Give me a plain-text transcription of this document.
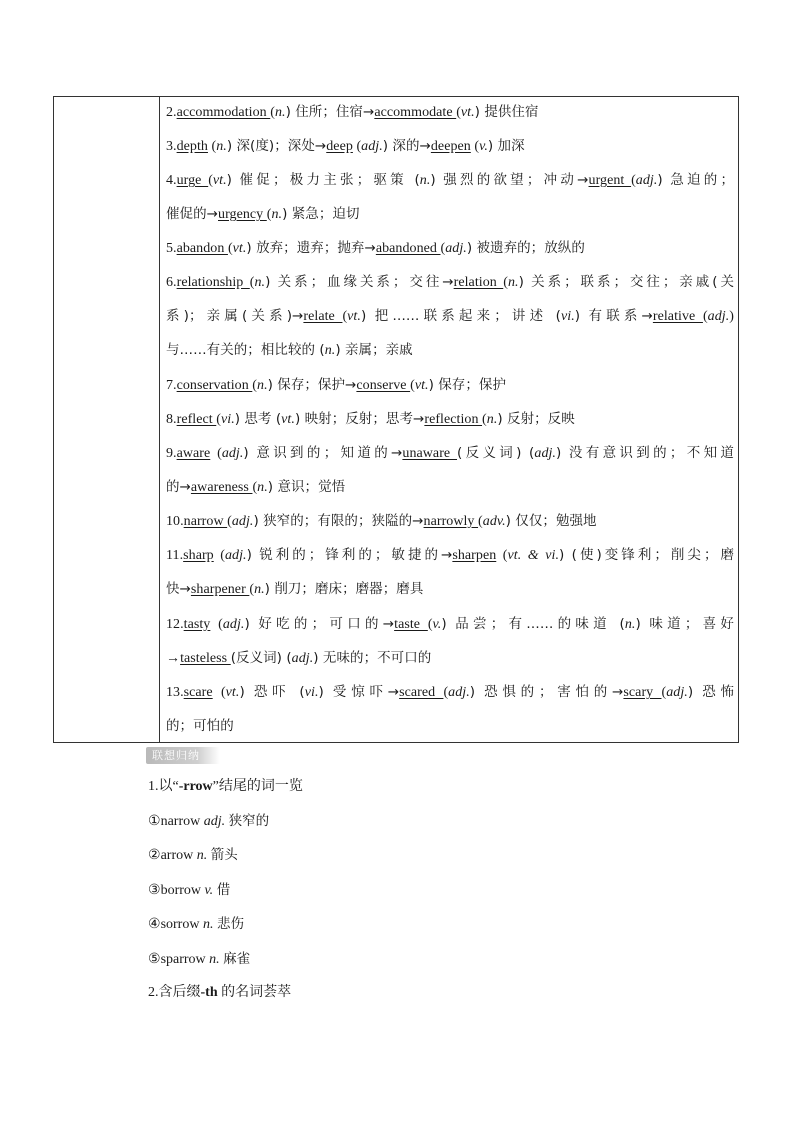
2.accommodation (n.) 住所；住宿→accommodate (vt.) 提供住宿
3.depth (n.) 深(度)；深处→deep (adj.) 深的→deepen (v.) 加深
4.urge (vt.) 催促；极力主张；驱策 (n.) 强烈的欲望；冲动→urgent (adj.) 急迫的；
催促的→urgency (n.) 紧急；迫切
5.abandon (vt.) 放弃；遗弃；抛弃→abandoned (adj.) 被遗弃的；放纵的
6.relationship (n.) 关系；血缘关系；交往→relation (n.) 关系；联系；交往；亲戚(关
系)；亲属(关系)→relate (vt.) 把……联系起来；讲述 (vi.) 有联系→relative (adj.)
与……有关的；相比较的 (n.) 亲属；亲戚
7.conservation (n.) 保存；保护→conserve (vt.) 保存；保护
8.reflect (vi.) 思考 (vt.) 映射；反射；思考→reflection (n.) 反射；反映
9.aware (adj.) 意识到的；知道的→unaware (反义词) (adj.) 没有意识到的；不知道
的→awareness (n.) 意识；觉悟
10.narrow (adj.) 狭窄的；有限的；狭隘的→narrowly (adv.) 仅仅；勉强地
11.sharp (adj.) 锐利的；锋利的；敏捷的→sharpen (vt. & vi.) (使)变锋利；削尖；磨
快→sharpener (n.) 削刀；磨床；磨器；磨具
12.tasty (adj.) 好吃的；可口的→taste (v.) 品尝；有……的味道 (n.) 味道；喜好
→tasteless (反义词) (adj.) 无味的；不可口的
13.scare (vt.) 恐吓 (vi.) 受惊吓→scared (adj.) 恐惧的；害怕的→scary (adj.) 恐怖
的；可怕的
联想归纳
1.以“-rrow”结尾的词一览
①narrow adj. 狭窄的
②arrow n. 箭头
③borrow v. 借
④sorrow n. 悲伤
⑤sparrow n. 麻雀
2.含后缀-th 的名词荟萃
